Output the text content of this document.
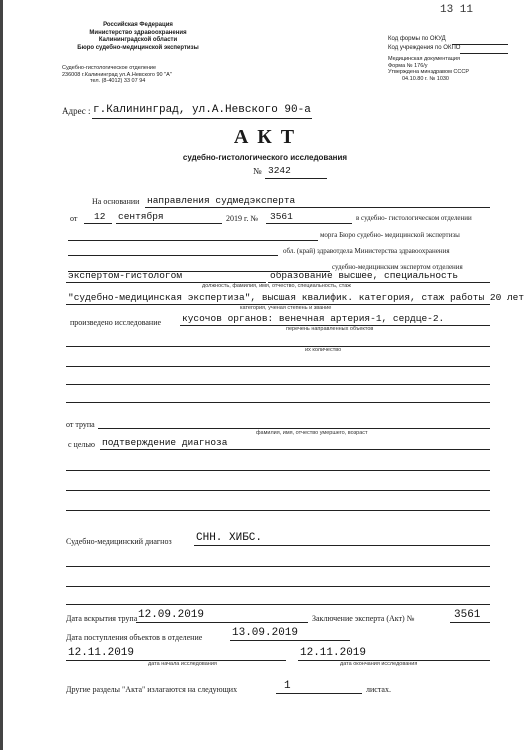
13 11
Российская Федерация
Министерство здравоохранения
Калининградской области
Бюро судебно-медицинской экспертизы
Судебно-гистологическое отделение
236008 г.Калининград ул.А.Невского 90 "А"
тел. (8-4012) 33 07 94
Код формы по ОКУД
Код учреждения по ОКПО
Медицинская документация
Форма № 176/у
Утверждена минздравом СССР
04.10.80 г. № 1030
Адрес : г.Калининград, ул.А.Невского 90-а
А К Т
судебно-гистологического исследования
№ 3242
На основании направления судмедэксперта
от 12 сентября	2019 г. № 3561	в судебно- гистологическом отделении
морга Бюро судебно- медицинской экспертизы
обл. (край) здравотдела Министерства здравоохранения
судебно-медицинским экспертом отделения
экспертом-гистологом	образование высшее, специальность
должность, фамилия, имя, отчество, специальность, стаж
"судебно-медицинская экспертиза", высшая квалифик. категория, стаж работы 20 лет
категория, ученая степень и звание
произведено исследование кусочов органов: венечная артерия-1, сердце-2.
перечень направленных объектов
их количество
от трупа
фамилия, имя, отчество умершего, возраст
с целью подтверждение диагноза
Судебно-медицинский диагноз СНН. ХИБС.
Дата вскрытия трупа 12.09.2019	Заключение эксперта (Акт) №	3561
Дата поступления объектов в отделение	13.09.2019
12.11.2019
дата начала исследования
12.11.2019
дата окончания исследования
Другие разделы "Акта" излагаются на следующих	1	листах.
